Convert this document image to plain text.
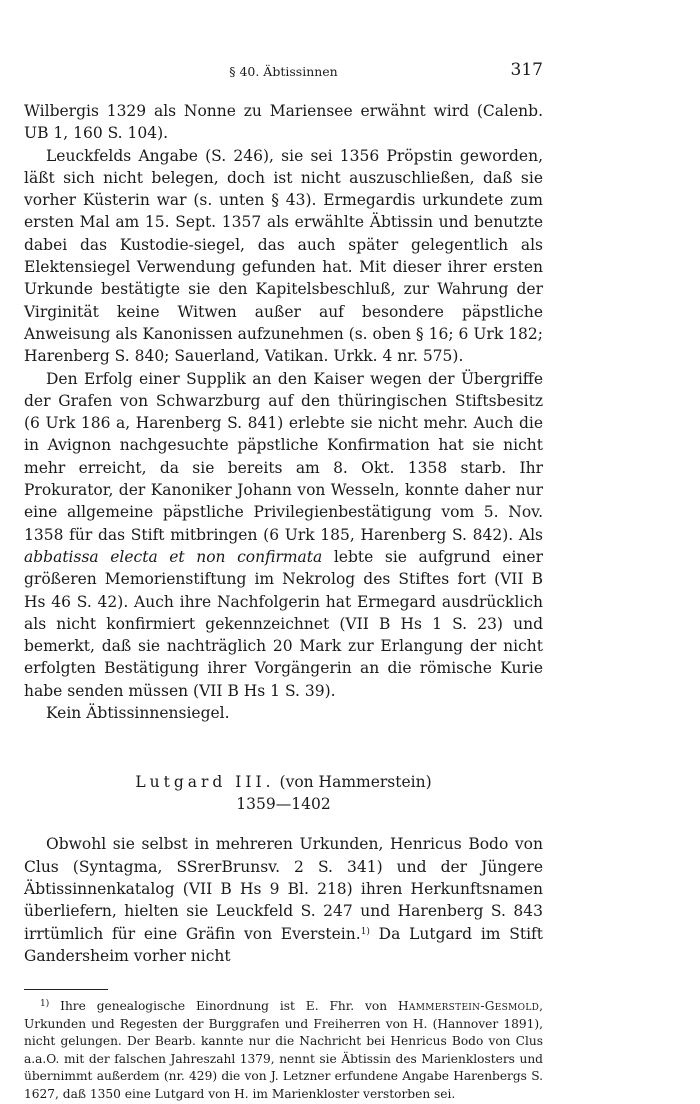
§ 40. Äbtissinnen	317

Wilbergis 1329 als Nonne zu Mariensee erwähnt wird (Calenb. UB 1, 160 S. 104).

Leuckfelds Angabe (S. 246), sie sei 1356 Pröpstin geworden, läßt sich nicht belegen, doch ist nicht auszuschließen, daß sie vorher Küsterin war (s. unten § 43). Ermegardis urkundete zum ersten Mal am 15. Sept. 1357 als erwählte Äbtissin und benutzte dabei das Kustodie-siegel, das auch später gelegentlich als Elektensiegel Verwendung gefunden hat. Mit dieser ihrer ersten Urkunde bestätigte sie den Kapitelsbeschluß, zur Wahrung der Virginität keine Witwen außer auf besondere päpstliche Anweisung als Kanonissen aufzunehmen (s. oben § 16; 6 Urk 182; Harenberg S. 840; Sauerland, Vatikan. Urkk. 4 nr. 575).

Den Erfolg einer Supplik an den Kaiser wegen der Übergriffe der Grafen von Schwarzburg auf den thüringischen Stiftsbesitz (6 Urk 186 a, Harenberg S. 841) erlebte sie nicht mehr. Auch die in Avignon nachgesuchte päpstliche Konfirmation hat sie nicht mehr erreicht, da sie bereits am 8. Okt. 1358 starb. Ihr Prokurator, der Kanoniker Johann von Wesseln, konnte daher nur eine allgemeine päpstliche Privilegienbestätigung vom 5. Nov. 1358 für das Stift mitbringen (6 Urk 185, Harenberg S. 842). Als abbatissa electa et non confirmata lebte sie aufgrund einer größeren Memorienstiftung im Nekrolog des Stiftes fort (VII B Hs 46 S. 42). Auch ihre Nachfolgerin hat Ermegard ausdrücklich als nicht konfirmiert gekennzeichnet (VII B Hs 1 S. 23) und bemerkt, daß sie nachträglich 20 Mark zur Erlangung der nicht erfolgten Bestätigung ihrer Vorgängerin an die römische Kurie habe senden müssen (VII B Hs 1 S. 39).

Kein Äbtissinnensiegel.

Lutgard III. (von Hammerstein)
1359—1402

Obwohl sie selbst in mehreren Urkunden, Henricus Bodo von Clus (Syntagma, SSrerBrunsv. 2 S. 341) und der Jüngere Äbtissinnenkatalog (VII B Hs 9 Bl. 218) ihren Herkunftsnamen überliefern, hielten sie Leuckfeld S. 247 und Harenberg S. 843 irrtümlich für eine Gräfin von Everstein.$^{1)}$ Da Lutgard im Stift Gandersheim vorher nicht

$^{1)}$ Ihre genealogische Einordnung ist E. Fhr. von Hammerstein-Gesmold, Urkunden und Regesten der Burggrafen und Freiherren von H. (Hannover 1891), nicht gelungen. Der Bearb. kannte nur die Nachricht bei Henricus Bodo von Clus a.a.O. mit der falschen Jahreszahl 1379, nennt sie Äbtissin des Marienklosters und übernimmt außerdem (nr. 429) die von J. Letzner erfundene Angabe Harenbergs S. 1627, daß 1350 eine Lutgard von H. im Marienkloster verstorben sei.
